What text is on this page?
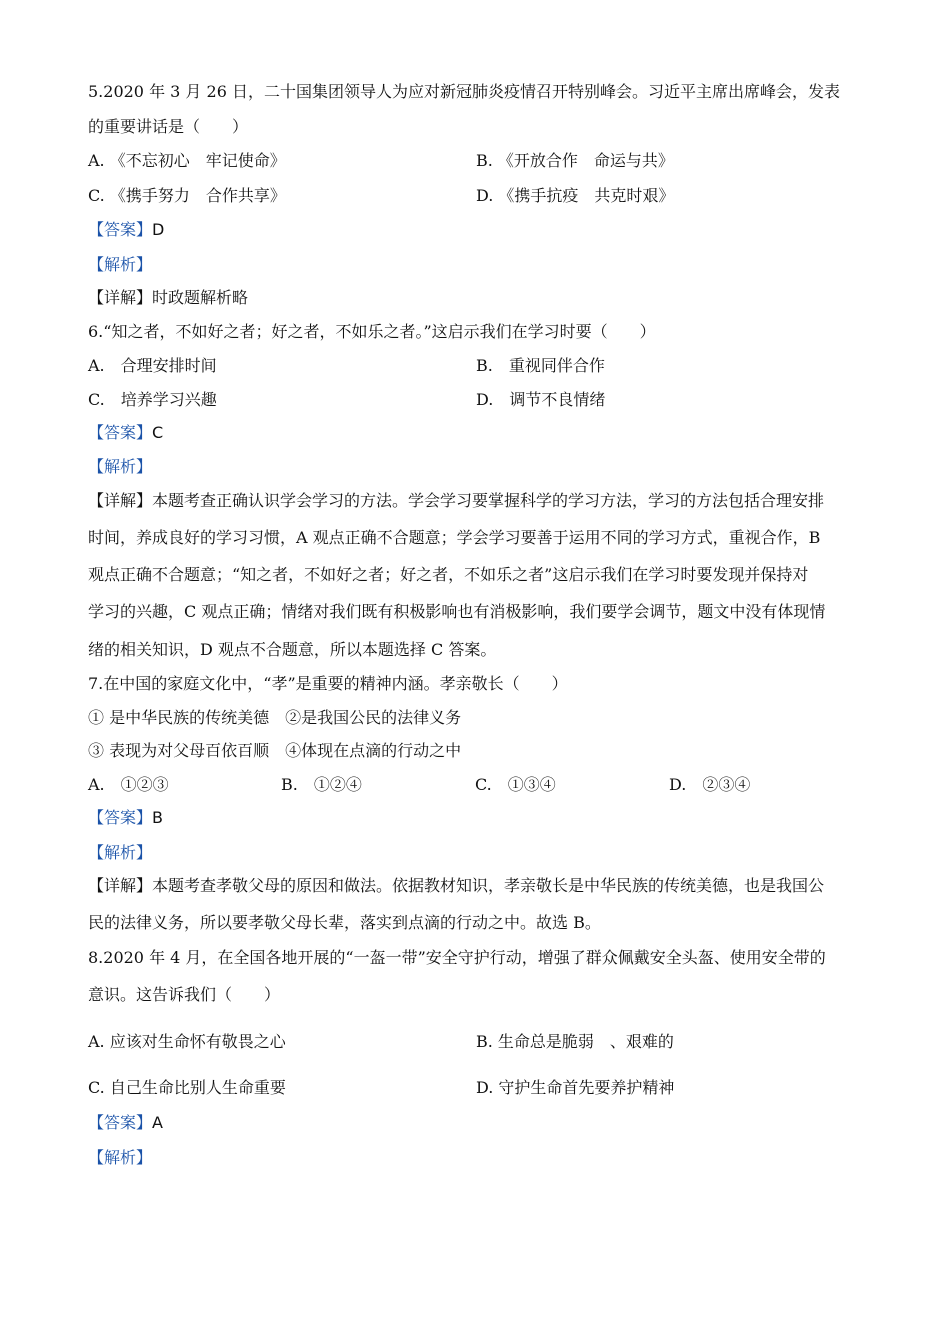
5.2020 年 3 月 26 日，二十国集团领导人为应对新冠肺炎疫情召开特别峰会。习近平主席出席峰会，发表
的重要讲话是（　　）
A. 《不忘初心　牢记使命》	B. 《开放合作　命运与共》
C. 《携手努力　合作共享》	D. 《携手抗疫　共克时艰》
【答案】D
【解析】
【详解】时政题解析略
6.“知之者，不如好之者；好之者，不如乐之者。”这启示我们在学习时要（　　）
A.　合理安排时间	B.　重视同伴合作
C.　培养学习兴趣	D.　调节不良情绪
【答案】C
【解析】
【详解】本题考查正确认识学会学习的方法。学会学习要掌握科学的学习方法，学习的方法包括合理安排
时间，养成良好的学习习惯，A 观点正确不合题意；学会学习要善于运用不同的学习方式，重视合作，B
观点正确不合题意；“知之者，不如好之者；好之者，不如乐之者”这启示我们在学习时要发现并保持对
学习的兴趣，C 观点正确；情绪对我们既有积极影响也有消极影响，我们要学会调节，题文中没有体现情
绪的相关知识，D 观点不合题意，所以本题选择 C 答案。
7.在中国的家庭文化中，“孝”是重要的精神内涵。孝亲敬长（　　）
① 是中华民族的传统美德　②是我国公民的法律义务
③ 表现为对父母百依百顺　④体现在点滴的行动之中
A.　①②③	B.　①②④	C.　①③④	D.　②③④
【答案】B
【解析】
【详解】本题考查孝敬父母的原因和做法。依据教材知识，孝亲敬长是中华民族的传统美德，也是我国公
民的法律义务，所以要孝敬父母长辈，落实到点滴的行动之中。故选 B。
8.2020 年 4 月，在全国各地开展的“一盔一带”安全守护行动，增强了群众佩戴安全头盔、使用安全带的
意识。这告诉我们（　　）
A. 应该对生命怀有敬畏之心	B. 生命总是脆弱　、艰难的
C. 自己生命比别人生命重要	D. 守护生命首先要养护精神
【答案】A
【解析】
